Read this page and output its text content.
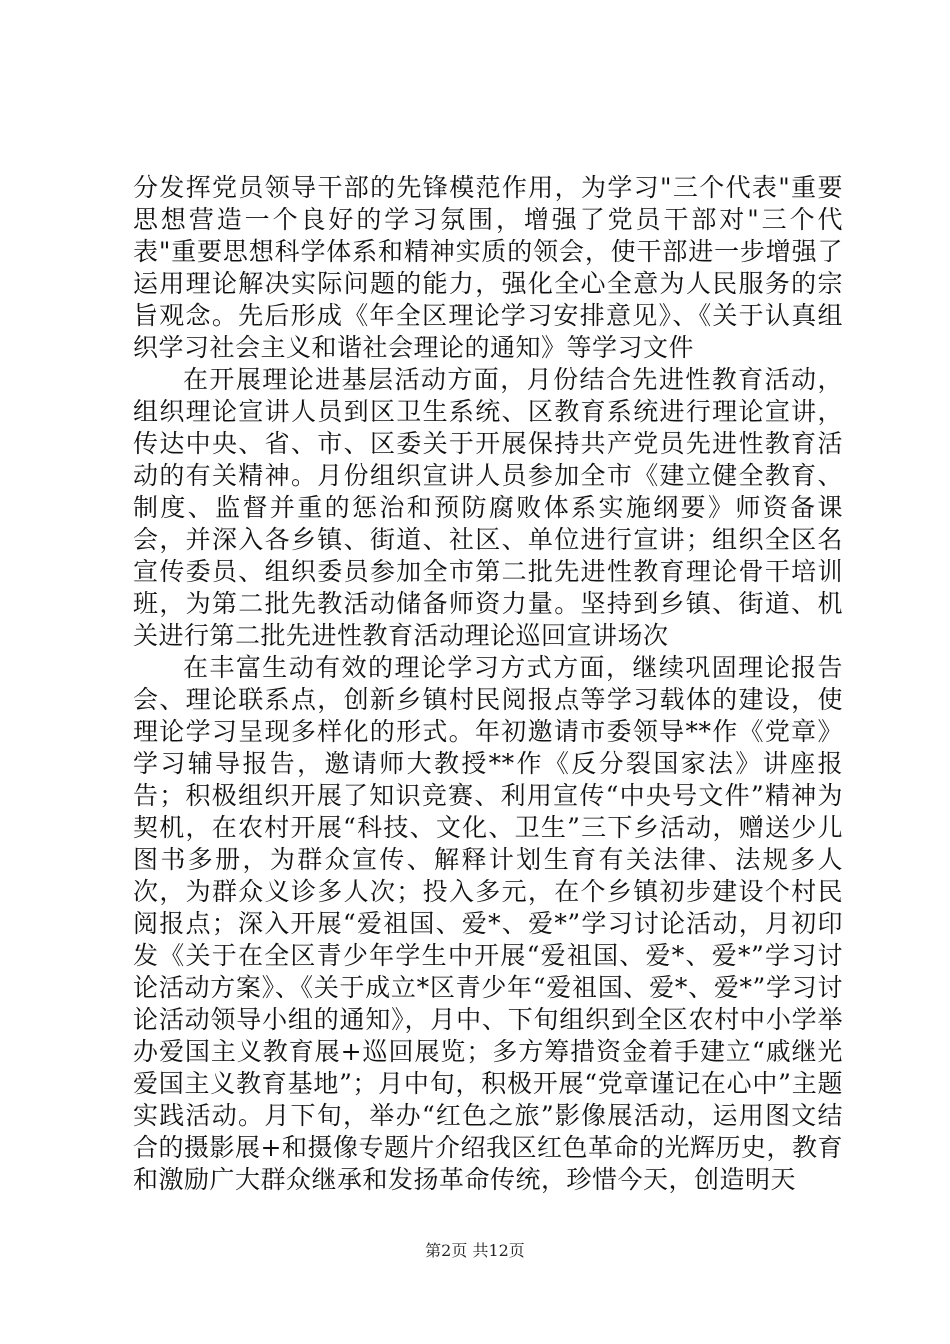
分发挥党员领导干部的先锋模范作用，为学习"三个代表"重要思想营造一个良好的学习氛围，增强了党员干部对"三个代表"重要思想科学体系和精神实质的领会，使干部进一步增强了运用理论解决实际问题的能力，强化全心全意为人民服务的宗旨观念。先后形成《年全区理论学习安排意见》、《关于认真组织学习社会主义和谐社会理论的通知》等学习文件

在开展理论进基层活动方面，月份结合先进性教育活动，组织理论宣讲人员到区卫生系统、区教育系统进行理论宣讲，传达中央、省、市、区委关于开展保持共产党员先进性教育活动的有关精神。月份组织宣讲人员参加全市《建立健全教育、制度、监督并重的惩治和预防腐败体系实施纲要》师资备课会，并深入各乡镇、街道、社区、单位进行宣讲；组织全区名宣传委员、组织委员参加全市第二批先进性教育理论骨干培训班，为第二批先教活动储备师资力量。坚持到乡镇、街道、机关进行第二批先进性教育活动理论巡回宣讲场次

在丰富生动有效的理论学习方式方面，继续巩固理论报告会、理论联系点，创新乡镇村民阅报点等学习载体的建设，使理论学习呈现多样化的形式。年初邀请市委领导**作《党章》学习辅导报告，邀请师大教授**作《反分裂国家法》讲座报告；积极组织开展了知识竞赛、利用宣传“中央号文件”精神为契机，在农村开展“科技、文化、卫生”三下乡活动，赠送少儿图书多册，为群众宣传、解释计划生育有关法律、法规多人次，为群众义诊多人次；投入多元，在个乡镇初步建设个村民阅报点；深入开展“爱祖国、爱*、爱*”学习讨论活动，月初印发《关于在全区青少年学生中开展“爱祖国、爱*、爱*”学习讨论活动方案》、《关于成立*区青少年“爱祖国、爱*、爱*”学习讨论活动领导小组的通知》，月中、下旬组织到全区农村中小学举办爱国主义教育展+巡回展览；多方筹措资金着手建立“戚继光爱国主义教育基地”；月中旬，积极开展“党章谨记在心中”主题实践活动。月下旬，举办“红色之旅”影像展活动，运用图文结合的摄影展+和摄像专题片介绍我区红色革命的光辉历史，教育和激励广大群众继承和发扬革命传统，珍惜今天，创造明天

第2页 共12页
